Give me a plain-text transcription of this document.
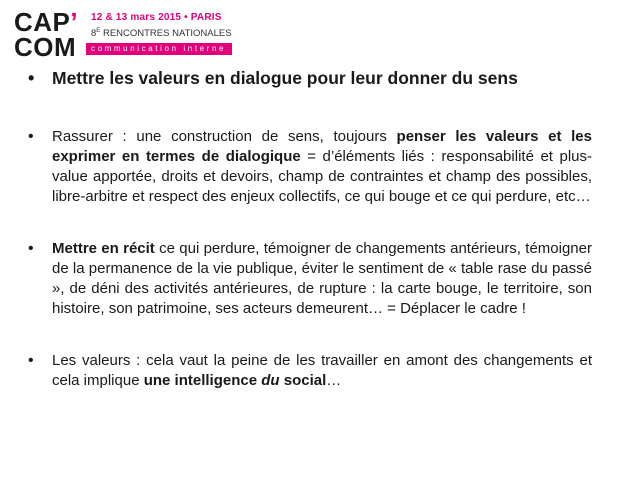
CAP’
COM
12 & 13 mars 2015 • PARIS
$8^E$ RENCONTRES NATIONALES
communication interne
• Mettre les valeurs en dialogue pour leur donner du sens
• Rassurer : une construction de sens, toujours penser les valeurs et les exprimer en termes de dialogique = d’éléments liés : responsabilité et plus-value apportée, droits et devoirs, champ de contraintes et champ des possibles, libre-arbitre et respect des enjeux collectifs, ce qui bouge et ce qui perdure, etc…
• Mettre en récit ce qui perdure, témoigner de changements antérieurs, témoigner de la permanence de la vie publique, éviter le sentiment de « table rase du passé », de déni des activités antérieures, de rupture : la carte bouge, le territoire, son histoire, son patrimoine, ses acteurs demeurent… = Déplacer le cadre !
• Les valeurs : cela vaut la peine de les travailler en amont des changements et cela implique une intelligence du social…
